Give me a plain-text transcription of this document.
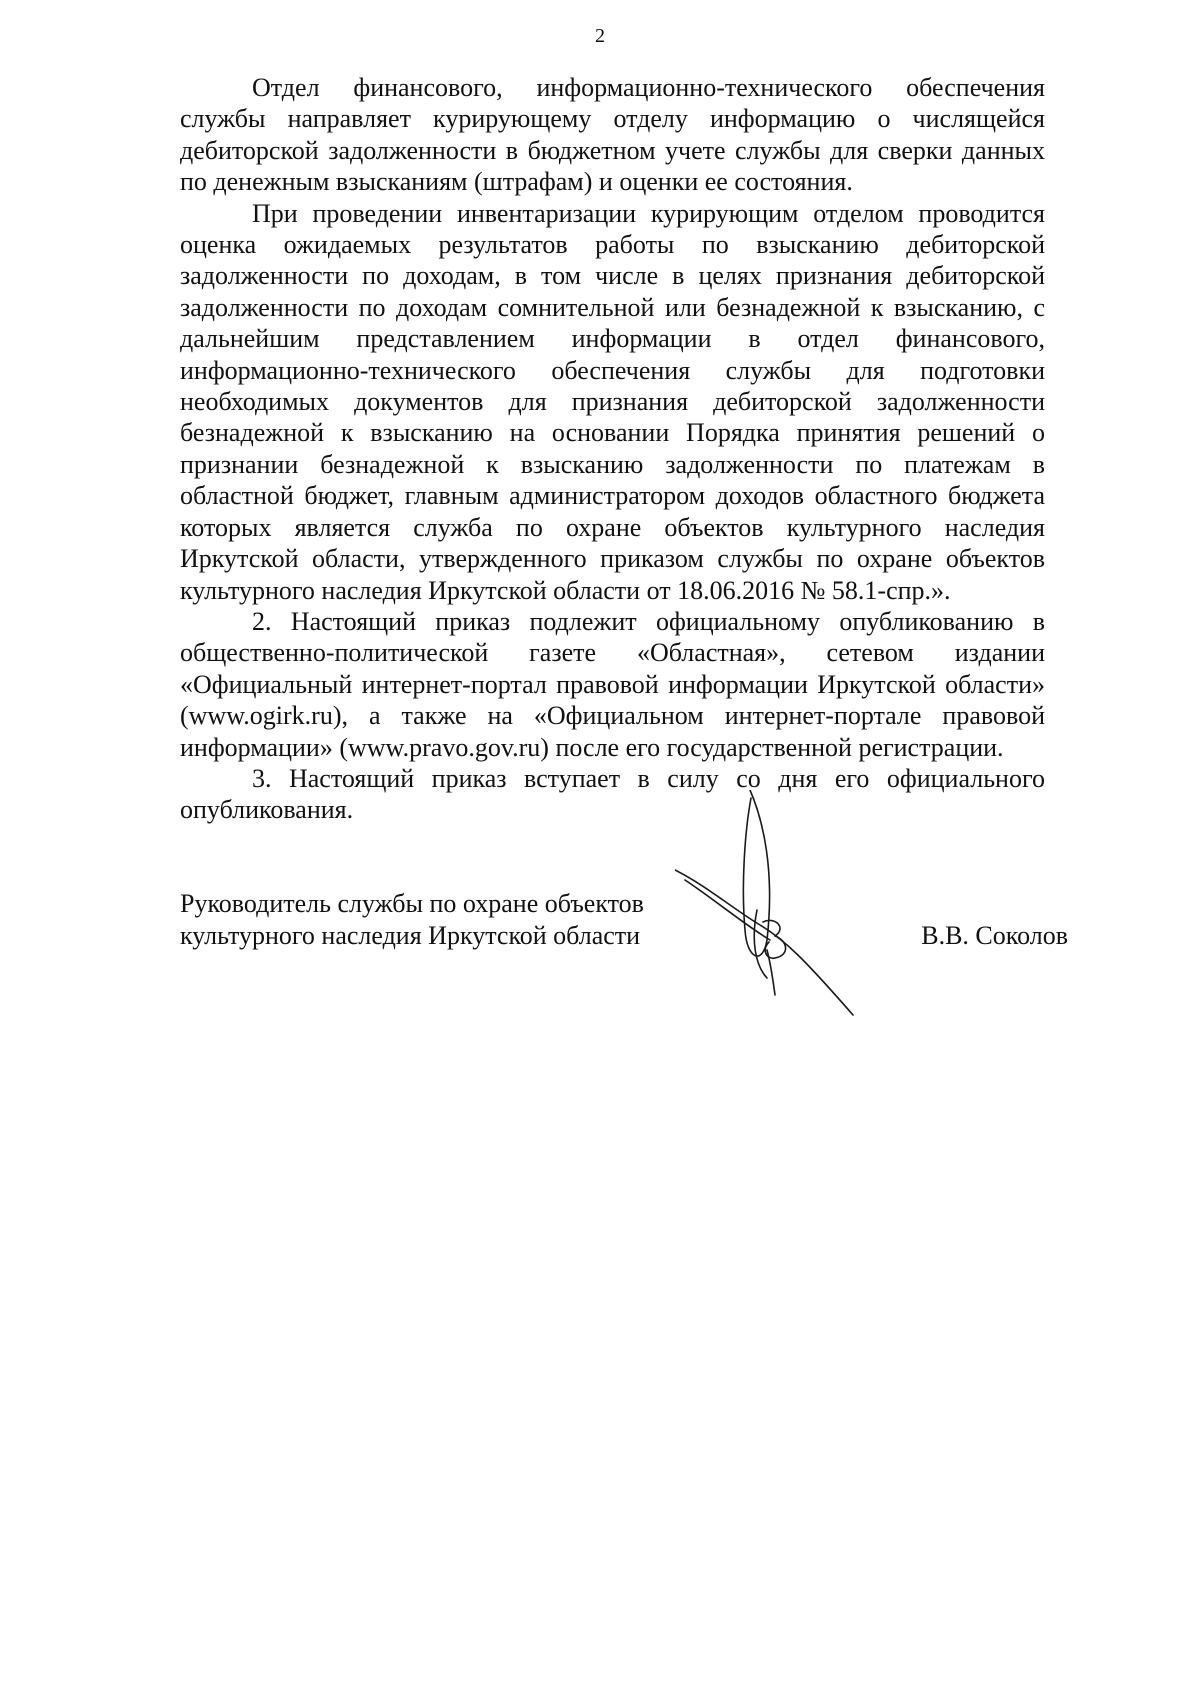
2

Отдел финансового, информационно-технического обеспечения службы направляет курирующему отделу информацию о числящейся дебиторской задолженности в бюджетном учете службы для сверки данных по денежным взысканиям (штрафам) и оценки ее состояния.

При проведении инвентаризации курирующим отделом проводится оценка ожидаемых результатов работы по взысканию дебиторской задолженности по доходам, в том числе в целях признания дебиторской задолженности по доходам сомнительной или безнадежной к взысканию, с дальнейшим представлением информации в отдел финансового, информационно-технического обеспечения службы для подготовки необходимых документов для признания дебиторской задолженности безнадежной к взысканию на основании Порядка принятия решений о признании безнадежной к взысканию задолженности по платежам в областной бюджет, главным администратором доходов областного бюджета которых является служба по охране объектов культурного наследия Иркутской области, утвержденного приказом службы по охране объектов культурного наследия Иркутской области от 18.06.2016 № 58.1-спр.».

2. Настоящий приказ подлежит официальному опубликованию в общественно-политической газете «Областная», сетевом издании «Официальный интернет-портал правовой информации Иркутской области» (www.ogirk.ru), а также на «Официальном интернет-портале правовой информации» (www.pravo.gov.ru) после его государственной регистрации.

3. Настоящий приказ вступает в силу со дня его официального опубликования.

Руководитель службы по охране объектов
культурного наследия Иркутской области	В.В. Соколов
